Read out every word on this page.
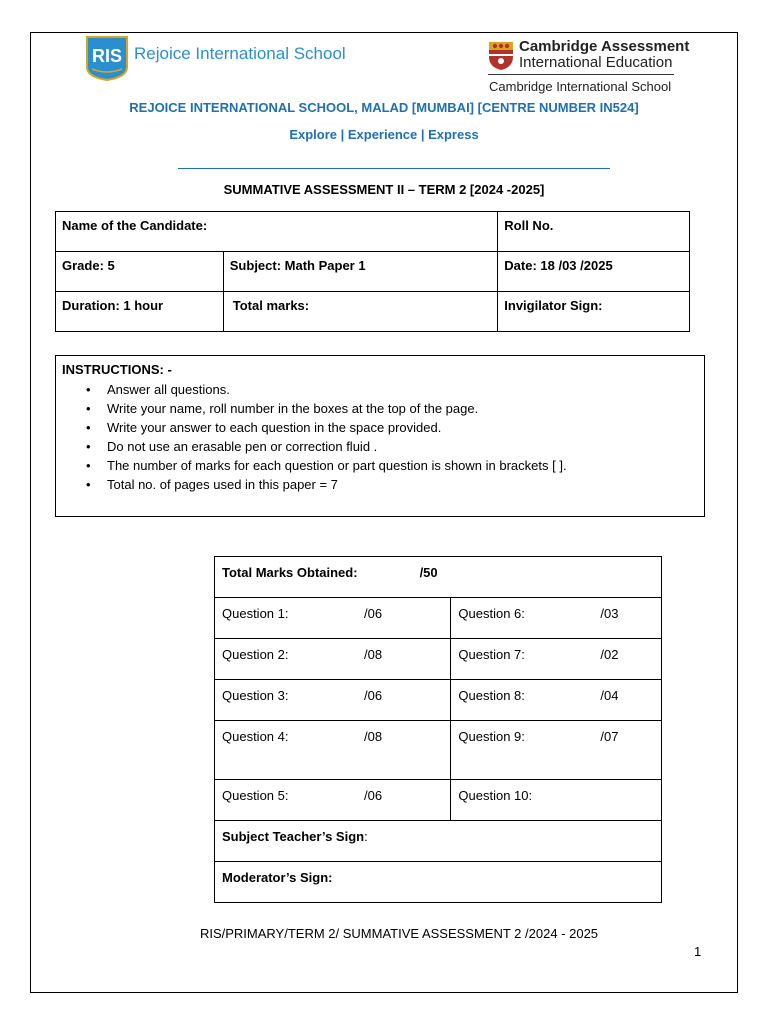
RIS Rejoice International School	Cambridge Assessment
International Education
Cambridge International School
REJOICE INTERNATIONAL SCHOOL, MALAD [MUMBAI] [CENTRE NUMBER IN524]
Explore | Experience | Express
SUMMATIVE ASSESSMENT II – TERM 2 [2024 -2025]
Name of the Candidate:		Roll No.
Grade: 5	Subject: Math Paper 1	Date: 18 /03 /2025
Duration: 1 hour	Total marks:	Invigilator Sign:
INSTRUCTIONS: -
• Answer all questions.
• Write your name, roll number in the boxes at the top of the page.
• Write your answer to each question in the space provided.
• Do not use an erasable pen or correction fluid .
• The number of marks for each question or part question is shown in brackets [ ].
• Total no. of pages used in this paper = 7
Total Marks Obtained: /50	
Question 1: /06	Question 6: /03
Question 2: /08	Question 7: /02
Question 3: /06	Question 8: /04
Question 4: /08	Question 9: /07
Question 5: /06	Question 10:
Subject Teacher’s Sign:	
Moderator’s Sign:	
RIS/PRIMARY/TERM 2/ SUMMATIVE ASSESSMENT 2 /2024 - 2025
1
